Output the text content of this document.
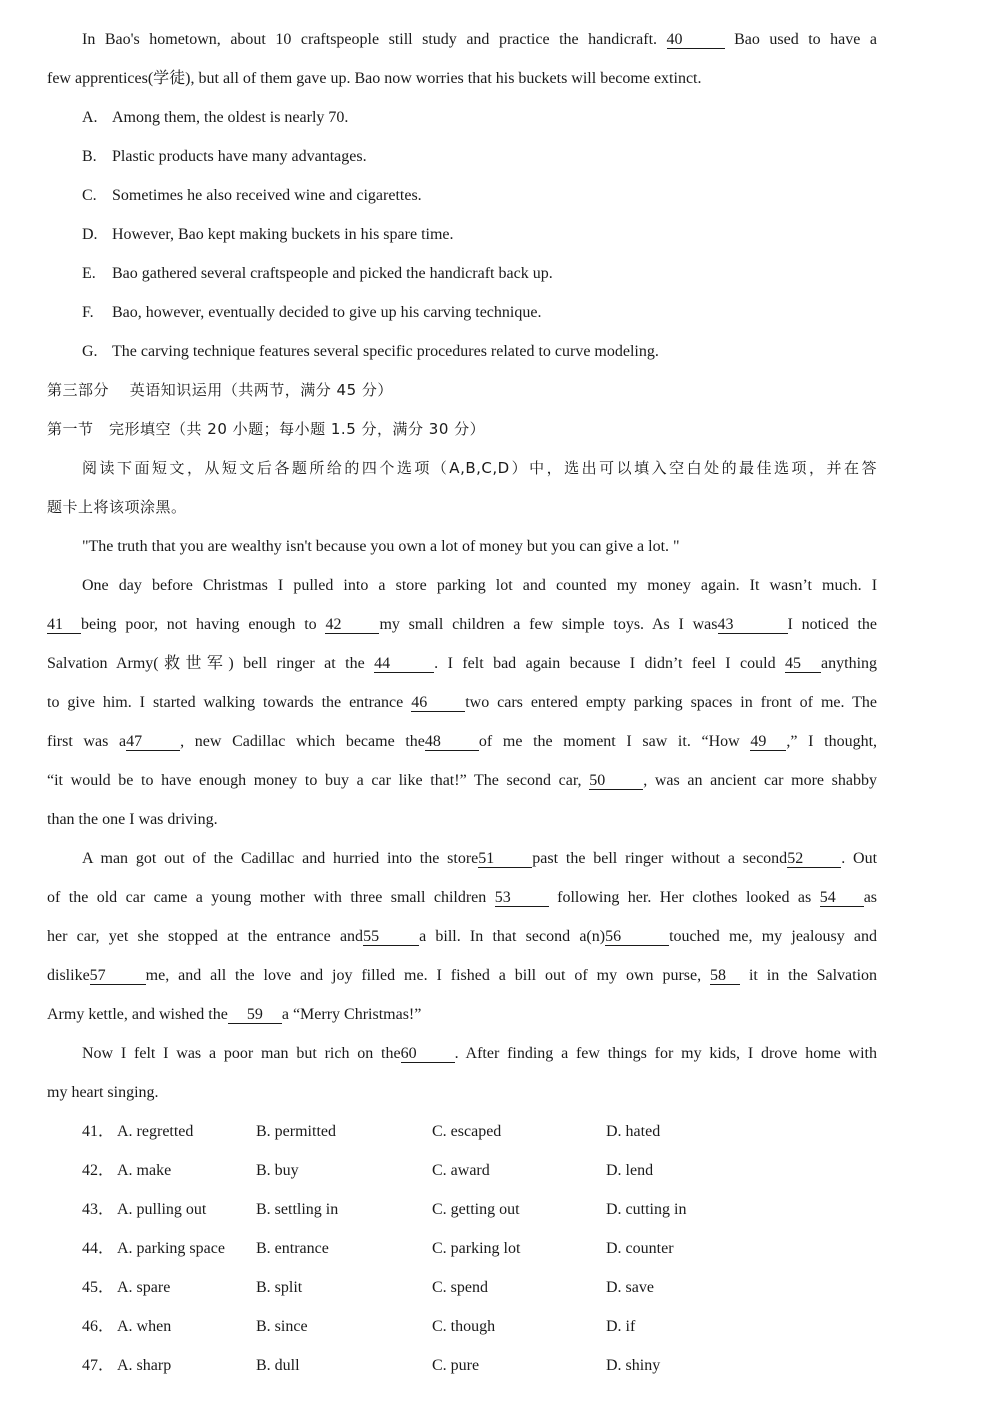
In Bao's hometown, about 10 craftspeople still study and practice the handicraft. 40	Bao used to have a
few apprentices(学徒), but all of them gave up. Bao now worries that his buckets will become extinct.
A. Among them, the oldest is nearly 70.
B. Plastic products have many advantages.
C. Sometimes he also received wine and cigarettes.
D. However, Bao kept making buckets in his spare time.
E. Bao gathered several craftspeople and picked the handicraft back up.
F. Bao, however, eventually decided to give up his carving technique.
G. The carving technique features several specific procedures related to curve modeling.
第三部分　 英语知识运用（共两节，满分 45 分）
第一节　完形填空（共 20 小题；每小题 1.5 分，满分 30 分）
阅读下面短文，从短文后各题所给的四个选项（A,B,C,D）中，选出可以填入空白处的最佳选项，并在答
题卡上将该项涂黑。
"The truth that you are wealthy isn't because you own a lot of money but you can give a lot. "
One day before Christmas I pulled into a store parking lot and counted my money again. It wasn’t much. I
41 being poor, not having enough to 42 my small children a few simple toys. As I was43	I noticed the
Salvation Army(救世军) bell ringer at the 44	. I felt bad again because I didn’t feel I could 45 anything
to give him. I started walking towards the entrance 46 two cars entered empty parking spaces in front of me. The
first was a47 , new Cadillac which became the48 of me the moment I saw it. “How 49 ,” I thought,
“it would be to have enough money to buy a car like that!” The second car, 50 , was an ancient car more shabby
than the one I was driving.
A man got out of the Cadillac and hurried into the store51 past the bell ringer without a second52 . Out
of the old car came a young mother with three small children 53	following her. Her clothes looked as 54 as
her car, yet she stopped at the entrance and55	a bill. In that second a(n)56	touched me, my jealousy and
dislike57	me, and all the love and joy filled me. I fished a bill out of my own purse, 58 it in the Salvation
Army kettle, and wished the 59 a “Merry Christmas!”
Now I felt I was a poor man but rich on the60 . After finding a few things for my kids, I drove home with
my heart singing.
41． A. regretted	B. permitted	C. escaped	D. hated
42． A. make	B. buy	C. award	D. lend
43． A. pulling out	B. settling in	C. getting out	D. cutting in
44． A. parking space B. entrance	C. parking lot	D. counter
45． A. spare	B. split	C. spend	D. save
46． A. when	B. since	C. though	D. if
47． A. sharp	B. dull	C. pure	D. shiny
